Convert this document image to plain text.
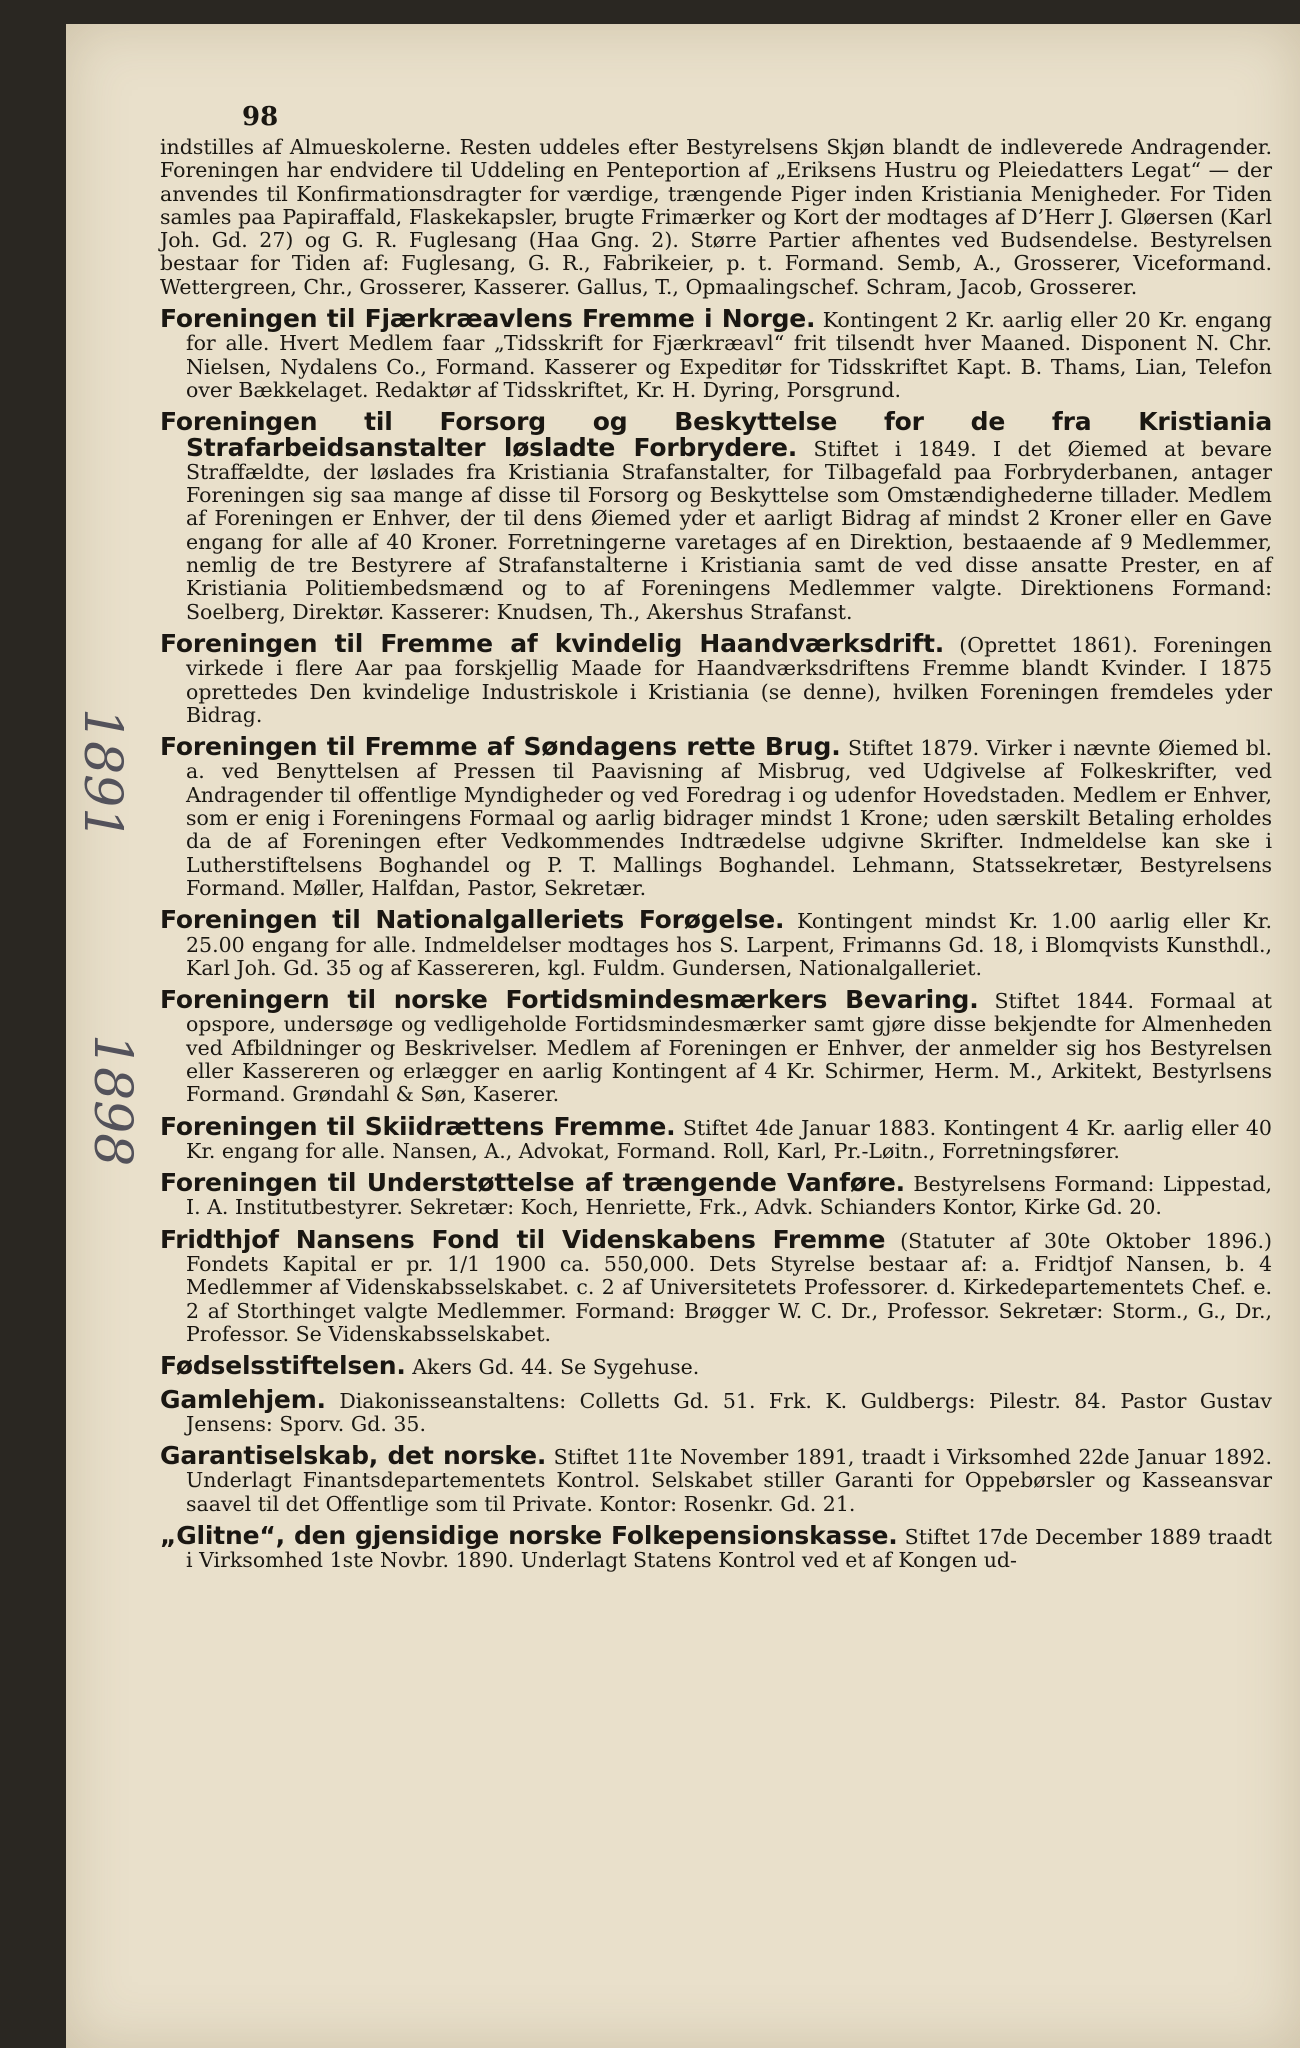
98
1891
1898

indstilles af Almueskolerne. Resten uddeles efter Bestyrelsens Skjøn blandt de indleverede Andragender. Foreningen har endvidere til Uddeling en Penteportion af „Eriksens Hustru og Pleiedatters Legat“ — der anvendes til Konfirmationsdragter for værdige, trængende Piger inden Kristiania Menigheder. For Tiden samles paa Papiraffald, Flaskekapsler, brugte Frimærker og Kort der modtages af D’Herr J. Gløersen (Karl Joh. Gd. 27) og G. R. Fuglesang (Haa Gng. 2). Større Partier afhentes ved Budsendelse. Bestyrelsen bestaar for Tiden af: Fuglesang, G. R., Fabrikeier, p. t. Formand. Semb, A., Grosserer, Viceformand. Wettergreen, Chr., Grosserer, Kasserer. Gallus, T., Opmaalingschef. Schram, Jacob, Grosserer.

Foreningen til Fjærkræavlens Fremme i Norge. Kontingent 2 Kr. aarlig eller 20 Kr. engang for alle. Hvert Medlem faar „Tidsskrift for Fjærkræavl“ frit tilsendt hver Maaned. Disponent N. Chr. Nielsen, Nydalens Co., Formand. Kasserer og Expeditør for Tidsskriftet Kapt. B. Thams, Lian, Telefon over Bækkelaget. Redaktør af Tidsskriftet, Kr. H. Dyring, Porsgrund.

Foreningen til Forsorg og Beskyttelse for de fra Kristiania Strafarbeidsanstalter løsladte Forbrydere. Stiftet i 1849. I det Øiemed at bevare Straffældte, der løslades fra Kristiania Strafanstalter, for Tilbagefald paa Forbryderbanen, antager Foreningen sig saa mange af disse til Forsorg og Beskyttelse som Omstændighederne tillader. Medlem af Foreningen er Enhver, der til dens Øiemed yder et aarligt Bidrag af mindst 2 Kroner eller en Gave engang for alle af 40 Kroner. Forretningerne varetages af en Direktion, bestaaende af 9 Medlemmer, nemlig de tre Bestyrere af Strafanstalterne i Kristiania samt de ved disse ansatte Prester, en af Kristiania Politiembedsmænd og to af Foreningens Medlemmer valgte. Direktionens Formand: Soelberg, Direktør. Kasserer: Knudsen, Th., Akershus Strafanst.

Foreningen til Fremme af kvindelig Haandværksdrift. (Oprettet 1861). Foreningen virkede i flere Aar paa forskjellig Maade for Haandværksdriftens Fremme blandt Kvinder. I 1875 oprettedes Den kvindelige Industriskole i Kristiania (se denne), hvilken Foreningen fremdeles yder Bidrag.

Foreningen til Fremme af Søndagens rette Brug. Stiftet 1879. Virker i nævnte Øiemed bl. a. ved Benyttelsen af Pressen til Paavisning af Misbrug, ved Udgivelse af Folkeskrifter, ved Andragender til offentlige Myndigheder og ved Foredrag i og udenfor Hovedstaden. Medlem er Enhver, som er enig i Foreningens Formaal og aarlig bidrager mindst 1 Krone; uden særskilt Betaling erholdes da de af Foreningen efter Vedkommendes Indtrædelse udgivne Skrifter. Indmeldelse kan ske i Lutherstiftelsens Boghandel og P. T. Mallings Boghandel. Lehmann, Statssekretær, Bestyrelsens Formand. Møller, Halfdan, Pastor, Sekretær.

Foreningen til Nationalgalleriets Forøgelse. Kontingent mindst Kr. 1.00 aarlig eller Kr. 25.00 engang for alle. Indmeldelser modtages hos S. Larpent, Frimanns Gd. 18, i Blomqvists Kunsthdl., Karl Joh. Gd. 35 og af Kassereren, kgl. Fuldm. Gundersen, Nationalgalleriet.

Foreningern til norske Fortidsmindesmærkers Bevaring. Stiftet 1844. Formaal at opspore, undersøge og vedligeholde Fortidsmindesmærker samt gjøre disse bekjendte for Almenheden ved Afbildninger og Beskrivelser. Medlem af Foreningen er Enhver, der anmelder sig hos Bestyrelsen eller Kassereren og erlægger en aarlig Kontingent af 4 Kr. Schirmer, Herm. M., Arkitekt, Bestyrlsens Formand. Grøndahl & Søn, Kaserer.

Foreningen til Skiidrættens Fremme. Stiftet 4de Januar 1883. Kontingent 4 Kr. aarlig eller 40 Kr. engang for alle. Nansen, A., Advokat, Formand. Roll, Karl, Pr.-Løitn., Forretningsfører.

Foreningen til Understøttelse af trængende Vanføre. Bestyrelsens Formand: Lippestad, I. A. Institutbestyrer. Sekretær: Koch, Henriette, Frk., Advk. Schianders Kontor, Kirke Gd. 20.

Fridthjof Nansens Fond til Videnskabens Fremme (Statuter af 30te Oktober 1896.) Fondets Kapital er pr. 1/1 1900 ca. 550,000. Dets Styrelse bestaar af: a. Fridtjof Nansen, b. 4 Medlemmer af Videnskabsselskabet. c. 2 af Universitetets Professorer. d. Kirkedepartementets Chef. e. 2 af Storthinget valgte Medlemmer. Formand: Brøgger W. C. Dr., Professor. Sekretær: Storm., G., Dr., Professor. Se Videnskabsselskabet.

Fødselsstiftelsen. Akers Gd. 44. Se Sygehuse.

Gamlehjem. Diakonisseanstaltens: Colletts Gd. 51. Frk. K. Guldbergs: Pilestr. 84. Pastor Gustav Jensens: Sporv. Gd. 35.

Garantiselskab, det norske. Stiftet 11te November 1891, traadt i Virksomhed 22de Januar 1892. Underlagt Finantsdepartementets Kontrol. Selskabet stiller Garanti for Oppebørsler og Kasseansvar saavel til det Offentlige som til Private. Kontor: Rosenkr. Gd. 21.

„Glitne“, den gjensidige norske Folkepensionskasse. Stiftet 17de December 1889 traadt i Virksomhed 1ste Novbr. 1890. Underlagt Statens Kontrol ved et af Kongen ud-
